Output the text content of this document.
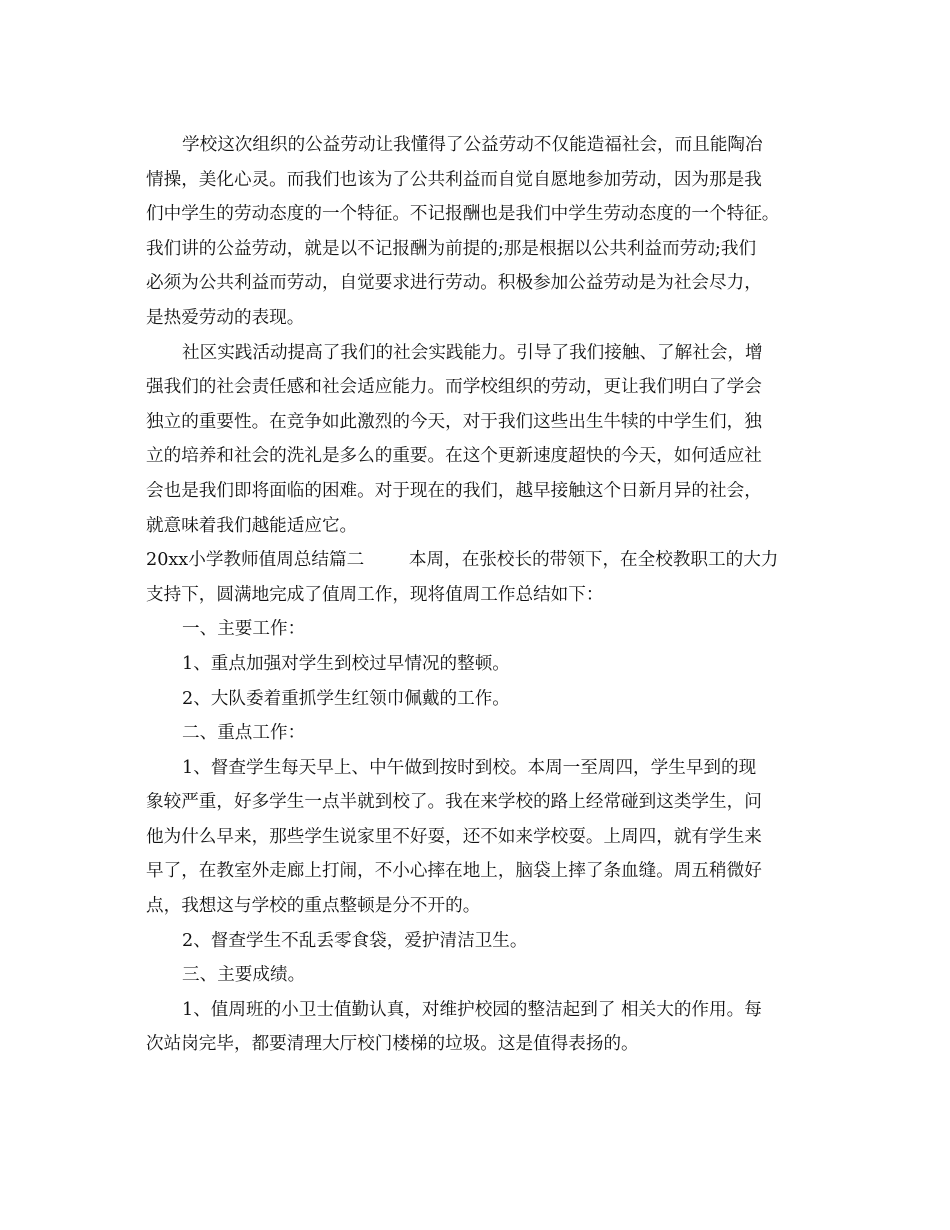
学校这次组织的公益劳动让我懂得了公益劳动不仅能造福社会，而且能陶冶
情操，美化心灵。而我们也该为了公共利益而自觉自愿地参加劳动，因为那是我
们中学生的劳动态度的一个特征。不记报酬也是我们中学生劳动态度的一个特征。
我们讲的公益劳动，就是以不记报酬为前提的;那是根据以公共利益而劳动;我们
必须为公共利益而劳动，自觉要求进行劳动。积极参加公益劳动是为社会尽力，
是热爱劳动的表现。
社区实践活动提高了我们的社会实践能力。引导了我们接触、了解社会，增
强我们的社会责任感和社会适应能力。而学校组织的劳动，更让我们明白了学会
独立的重要性。在竞争如此激烈的今天，对于我们这些出生牛犊的中学生们，独
立的培养和社会的洗礼是多么的重要。在这个更新速度超快的今天，如何适应社
会也是我们即将面临的困难。对于现在的我们，越早接触这个日新月异的社会，
就意味着我们越能适应它。
20xx小学教师值周总结篇二        本周，在张校长的带领下，在全校教职工的大力
支持下，圆满地完成了值周工作，现将值周工作总结如下：
一、主要工作：
1、重点加强对学生到校过早情况的整顿。
2、大队委着重抓学生红领巾佩戴的工作。
二、重点工作：
1、督查学生每天早上、中午做到按时到校。本周一至周四，学生早到的现
象较严重，好多学生一点半就到校了。我在来学校的路上经常碰到这类学生，问
他为什么早来，那些学生说家里不好耍，还不如来学校耍。上周四，就有学生来
早了，在教室外走廊上打闹，不小心摔在地上，脑袋上摔了条血缝。周五稍微好
点，我想这与学校的重点整顿是分不开的。
2、督查学生不乱丢零食袋，爱护清洁卫生。
三、主要成绩。
1、值周班的小卫士值勤认真，对维护校园的整洁起到了 相关大的作用。每
次站岗完毕，都要清理大厅校门楼梯的垃圾。这是值得表扬的。
